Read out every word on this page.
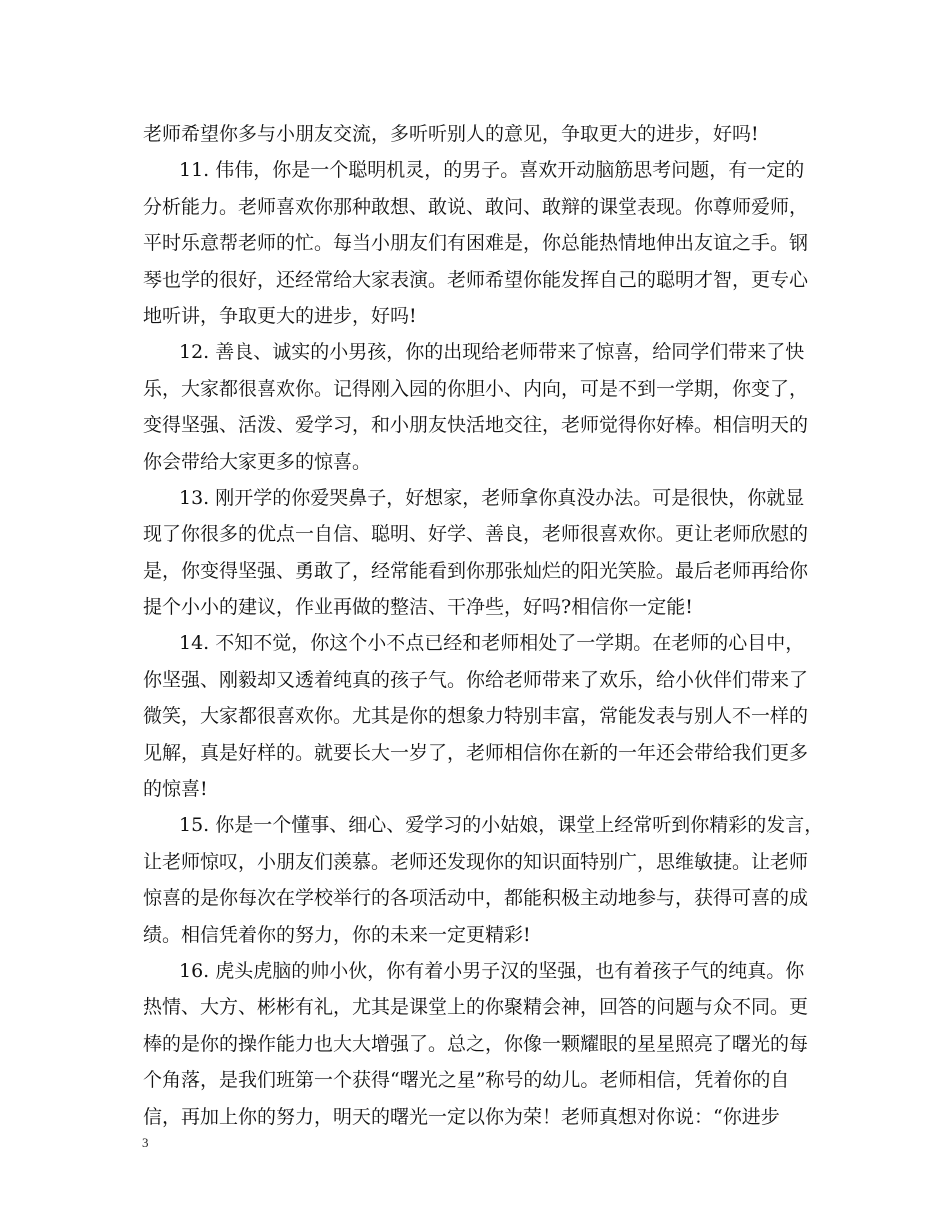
老师希望你多与小朋友交流，多听听别人的意见，争取更大的进步，好吗!
11. 伟伟，你是一个聪明机灵，的男子。喜欢开动脑筋思考问题，有一定的
分析能力。老师喜欢你那种敢想、敢说、敢问、敢辩的课堂表现。你尊师爱师，
平时乐意帮老师的忙。每当小朋友们有困难是，你总能热情地伸出友谊之手。钢
琴也学的很好，还经常给大家表演。老师希望你能发挥自己的聪明才智，更专心
地听讲，争取更大的进步，好吗!
12. 善良、诚实的小男孩，你的出现给老师带来了惊喜，给同学们带来了快
乐，大家都很喜欢你。记得刚入园的你胆小、内向，可是不到一学期，你变了，
变得坚强、活泼、爱学习，和小朋友快活地交往，老师觉得你好棒。相信明天的
你会带给大家更多的惊喜。
13. 刚开学的你爱哭鼻子，好想家，老师拿你真没办法。可是很快，你就显
现了你很多的优点一自信、聪明、好学、善良，老师很喜欢你。更让老师欣慰的
是，你变得坚强、勇敢了，经常能看到你那张灿烂的阳光笑脸。最后老师再给你
提个小小的建议，作业再做的整洁、干净些，好吗?相信你一定能!
14. 不知不觉，你这个小不点已经和老师相处了一学期。在老师的心目中，
你坚强、刚毅却又透着纯真的孩子气。你给老师带来了欢乐，给小伙伴们带来了
微笑，大家都很喜欢你。尤其是你的想象力特别丰富，常能发表与别人不一样的
见解，真是好样的。就要长大一岁了，老师相信你在新的一年还会带给我们更多
的惊喜!
15. 你是一个懂事、细心、爱学习的小姑娘，课堂上经常听到你精彩的发言，
让老师惊叹，小朋友们羡慕。老师还发现你的知识面特别广，思维敏捷。让老师
惊喜的是你每次在学校举行的各项活动中，都能积极主动地参与，获得可喜的成
绩。相信凭着你的努力，你的未来一定更精彩!
16. 虎头虎脑的帅小伙，你有着小男子汉的坚强，也有着孩子气的纯真。你
热情、大方、彬彬有礼，尤其是课堂上的你聚精会神，回答的问题与众不同。更
棒的是你的操作能力也大大增强了。总之，你像一颗耀眼的星星照亮了曙光的每
个角落，是我们班第一个获得“曙光之星”称号的幼儿。老师相信，凭着你的自
信，再加上你的努力，明天的曙光一定以你为荣！老师真想对你说：“你进步
3
